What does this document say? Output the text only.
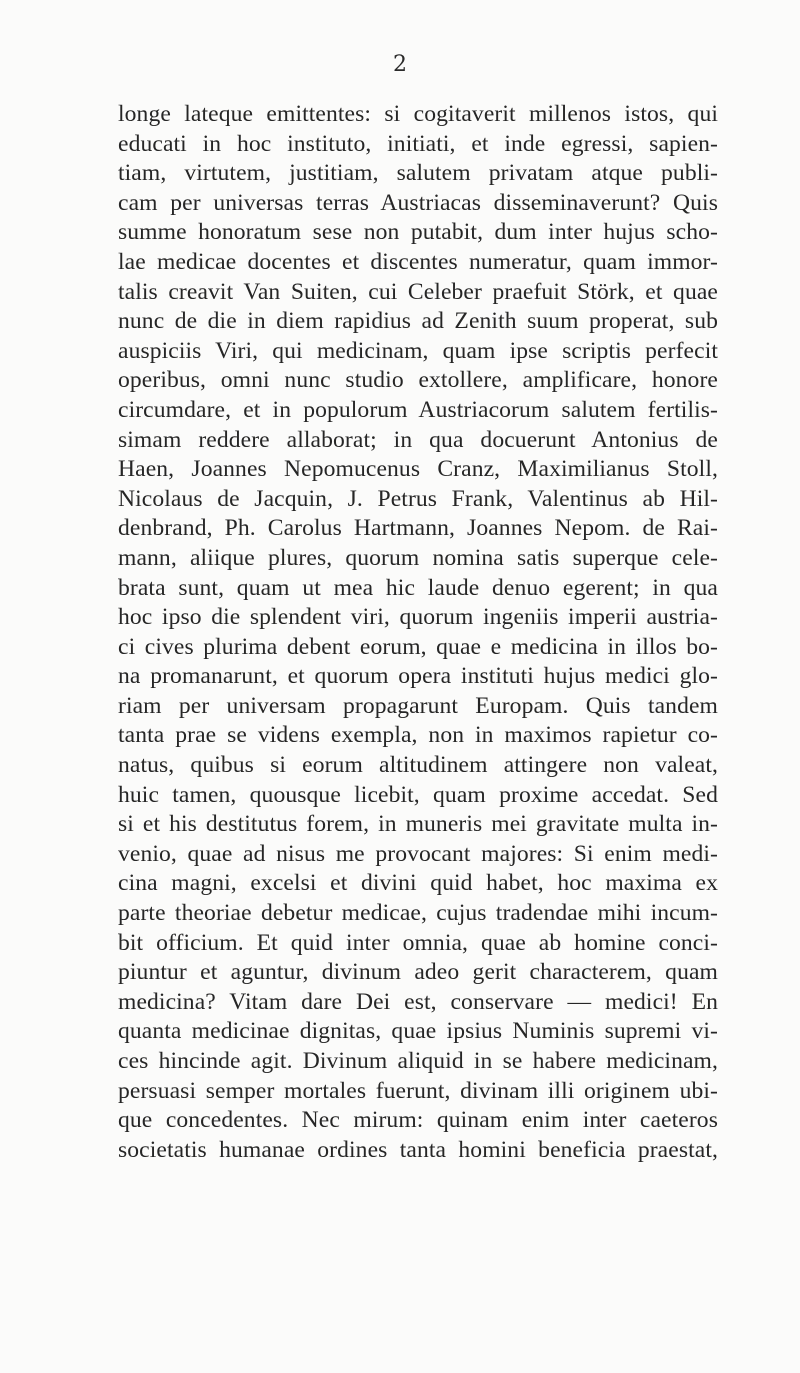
2
longe lateque emittentes: si cogitaverit millenos istos, qui
educati in hoc instituto, initiati, et inde egressi, sapien-
tiam, virtutem, justitiam, salutem privatam atque publi-
cam per universas terras Austriacas disseminaverunt? Quis
summe honoratum sese non putabit, dum inter hujus scho-
lae medicae docentes et discentes numeratur, quam immor-
talis creavit Van Suiten, cui Celeber praefuit Störk, et quae
nunc de die in diem rapidius ad Zenith suum properat, sub
auspiciis Viri, qui medicinam, quam ipse scriptis perfecit
operibus, omni nunc studio extollere, amplificare, honore
circumdare, et in populorum Austriacorum salutem fertilis-
simam reddere allaborat; in qua docuerunt Antonius de
Haen, Joannes Nepomucenus Cranz, Maximilianus Stoll,
Nicolaus de Jacquin, J. Petrus Frank, Valentinus ab Hil-
denbrand, Ph. Carolus Hartmann, Joannes Nepom. de Rai-
mann, aliique plures, quorum nomina satis superque cele-
brata sunt, quam ut mea hic laude denuo egerent; in qua
hoc ipso die splendent viri, quorum ingeniis imperii austria-
ci cives plurima debent eorum, quae e medicina in illos bo-
na promanarunt, et quorum opera instituti hujus medici glo-
riam per universam propagarunt Europam. Quis tandem
tanta prae se videns exempla, non in maximos rapietur co-
natus, quibus si eorum altitudinem attingere non valeat,
huic tamen, quousque licebit, quam proxime accedat. Sed
si et his destitutus forem, in muneris mei gravitate multa in-
venio, quae ad nisus me provocant majores: Si enim medi-
cina magni, excelsi et divini quid habet, hoc maxima ex
parte theoriae debetur medicae, cujus tradendae mihi incum-
bit officium. Et quid inter omnia, quae ab homine conci-
piuntur et aguntur, divinum adeo gerit characterem, quam
medicina? Vitam dare Dei est, conservare — medici! En
quanta medicinae dignitas, quae ipsius Numinis supremi vi-
ces hincinde agit. Divinum aliquid in se habere medicinam,
persuasi semper mortales fuerunt, divinam illi originem ubi-
que concedentes. Nec mirum: quinam enim inter caeteros
societatis humanae ordines tanta homini beneficia praestat,
